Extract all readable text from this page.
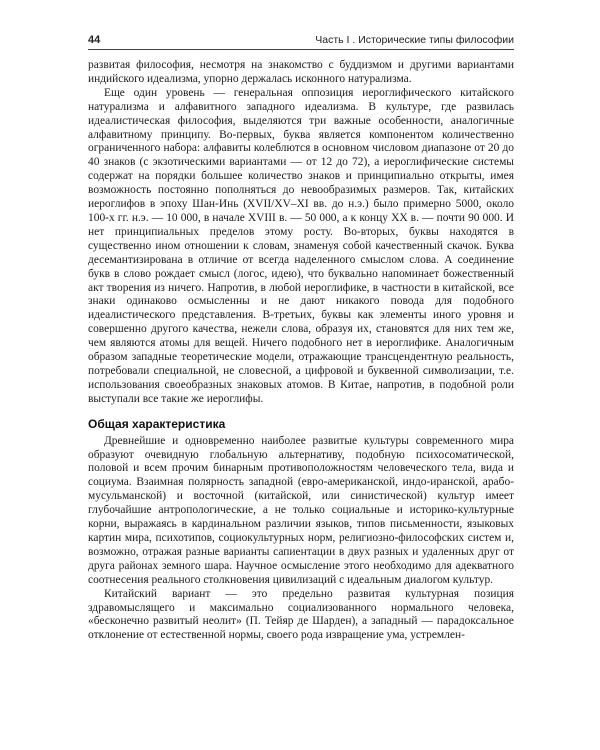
44	Часть I . Исторические типы философии

развитая философия, несмотря на знакомство с буддизмом и другими вариантами индийского идеализма, упорно держалась исконного натурализма.

Еще один уровень — генеральная оппозиция иероглифического китайского натурализма и алфавитного западного идеализма. В культуре, где развилась идеалистическая философия, выделяются три важные особенности, аналогичные алфавитному принципу. Во-первых, буква является компонентом количественно ограниченного набора: алфавиты колеблются в основном числовом диапазоне от 20 до 40 знаков (с экзотическими вариантами — от 12 до 72), а иероглифические системы содержат на порядки большее количество знаков и принципиально открыты, имея возможность постоянно пополняться до невообразимых размеров. Так, китайских иероглифов в эпоху Шан-Инь (XVII/XV–XI вв. до н.э.) было примерно 5000, около 100-х гг. н.э. — 10 000, в начале XVIII в. — 50 000, а к концу XX в. — почти 90 000. И нет принципиальных пределов этому росту. Во-вторых, буквы находятся в существенно ином отношении к словам, знаменуя собой качественный скачок. Буква десемантизирована в отличие от всегда наделенного смыслом слова. А соединение букв в слово рождает смысл (логос, идею), что буквально напоминает божественный акт творения из ничего. Напротив, в любой иероглифике, в частности в китайской, все знаки одинаково осмысленны и не дают никакого повода для подобного идеалистического представления. В-третьих, буквы как элементы иного уровня и совершенно другого качества, нежели слова, образуя их, становятся для них тем же, чем являются атомы для вещей. Ничего подобного нет в иероглифике. Аналогичным образом западные теоретические модели, отражающие трансцендентную реальность, потребовали специальной, не словесной, а цифровой и буквенной символизации, т.е. использования своеобразных знаковых атомов. В Китае, напротив, в подобной роли выступали все такие же иероглифы.

Общая характеристика

Древнейшие и одновременно наиболее развитые культуры современного мира образуют очевидную глобальную альтернативу, подобную психосоматической, половой и всем прочим бинарным противоположностям человеческого тела, вида и социума. Взаимная полярность западной (евро-американской, индо-иранской, арабо-мусульманской) и восточной (китайской, или синистической) культур имеет глубочайшие антропологические, а не только социальные и историко-культурные корни, выражаясь в кардинальном различии языков, типов письменности, языковых картин мира, психотипов, социокультурных норм, религиозно-философских систем и, возможно, отражая разные варианты сапиентации в двух разных и удаленных друг от друга районах земного шара. Научное осмысление этого необходимо для адекватного соотнесения реального столкновения цивилизаций с идеальным диалогом культур.

Китайский вариант — это предельно развитая культурная позиция здравомыслящего и максимально социализованного нормального человека, «бесконечно развитый неолит» (П. Тейяр де Шарден), а западный — парадоксальное отклонение от естественной нормы, своего рода извращение ума, устремлен-
